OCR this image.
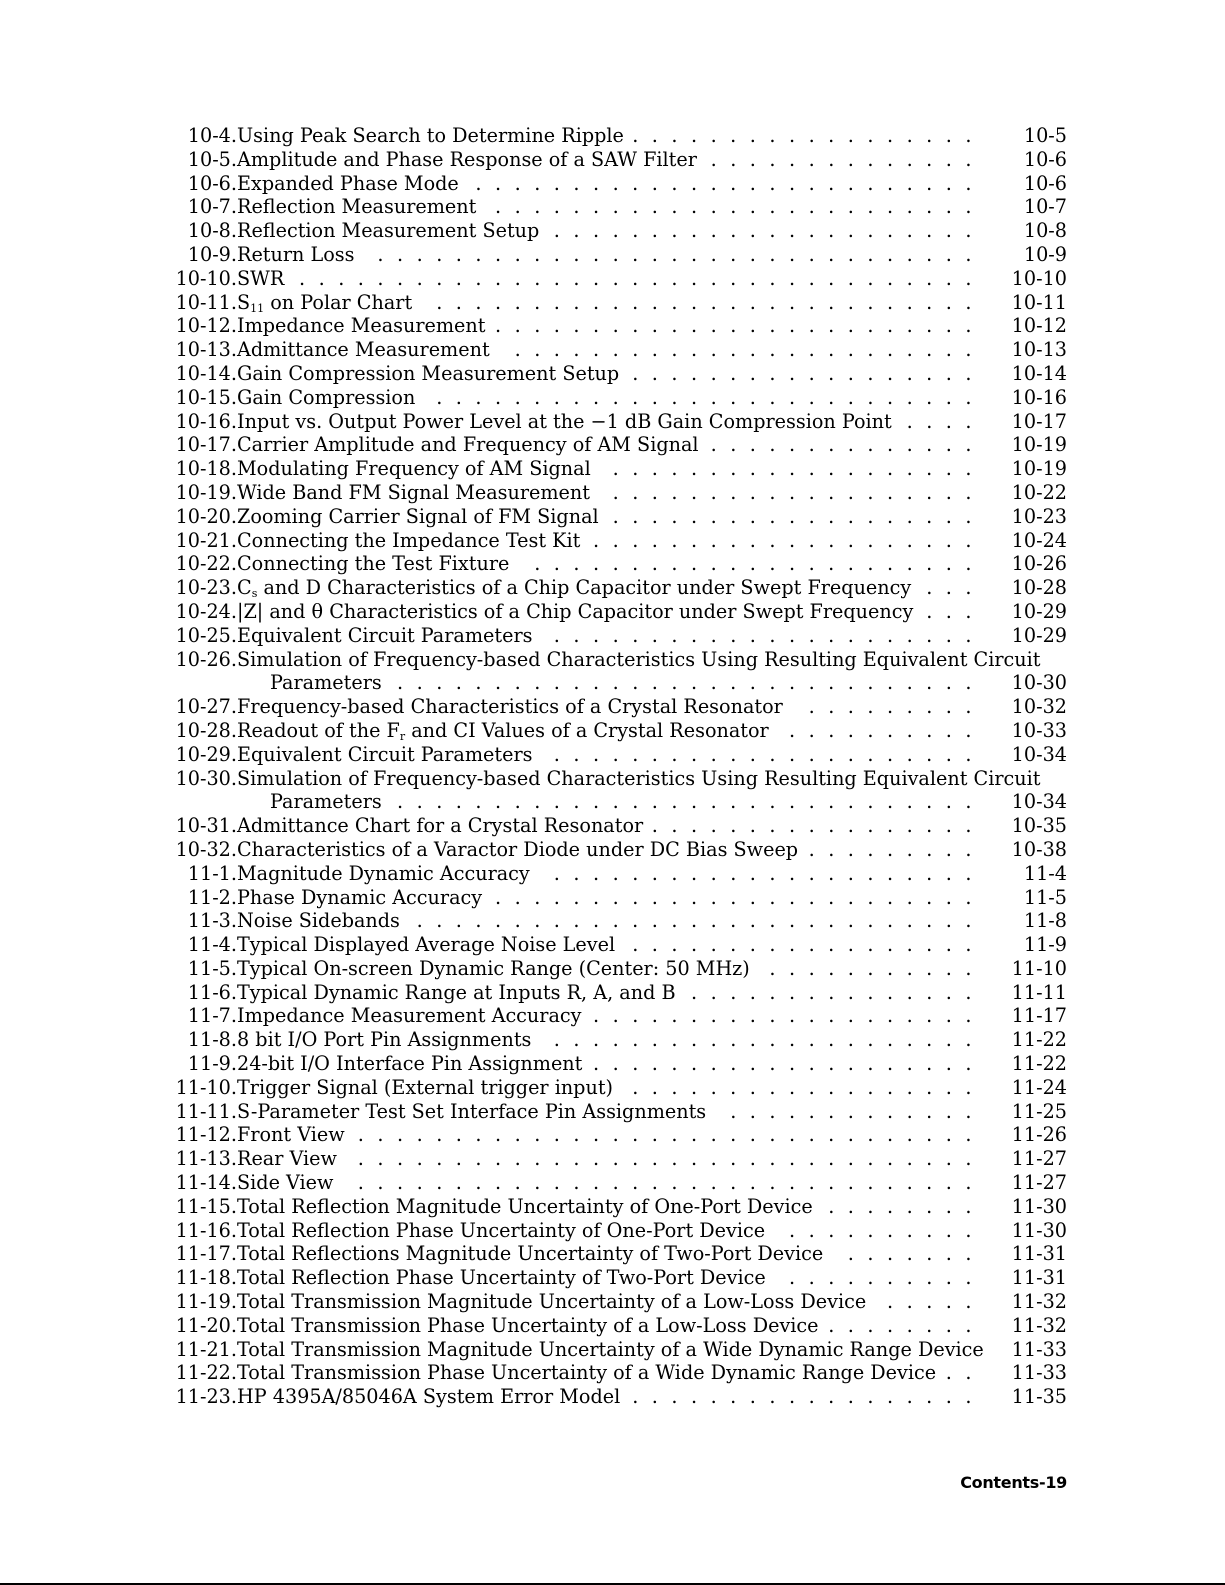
10-4. Using Peak Search to Determine Ripple	10-5
..................
10-5. Amplitude and Phase Response of a SAW Filter	10-6
..............
10-6. Expanded Phase Mode	10-6
..........................
10-7. Reflection Measurement	10-7
.........................
10-8. Reflection Measurement Setup	10-8
......................
10-9. Return Loss	10-9
...............................
10-10. SWR	10-10
...................................
10-11. $S_{11}$ on Polar Chart	10-11
............................
10-12. Impedance Measurement	10-12
.........................
10-13. Admittance Measurement	10-13
........................
10-14. Gain Compression Measurement Setup	10-14
..................
10-15. Gain Compression	10-16
............................
10-16. Input vs. Output Power Level at the −1 dB Gain Compression Point	10-17
....
10-17. Carrier Amplitude and Frequency of AM Signal	10-19
..............
10-18. Modulating Frequency of AM Signal	10-19
...................
10-19. Wide Band FM Signal Measurement	10-22
...................
10-20. Zooming Carrier Signal of FM Signal	10-23
...................
10-21. Connecting the Impedance Test Kit	10-24
....................
10-22. Connecting the Test Fixture	10-26
.......................
10-23. $C_s$ and D Characteristics of a Chip Capacitor under Swept Frequency	10-28
...
10-24. |Z| and θ Characteristics of a Chip Capacitor under Swept Frequency	10-29
...
10-25. Equivalent Circuit Parameters	10-29
......................
10-26. Simulation of Frequency-based Characteristics Using Resulting Equivalent Circuit
Parameters	10-30
..............................
10-27. Frequency-based Characteristics of a Crystal Resonator	10-32
.........
10-28. Readout of the $F_r$ and CI Values of a Crystal Resonator	10-33
..........
10-29. Equivalent Circuit Parameters	10-34
......................
10-30. Simulation of Frequency-based Characteristics Using Resulting Equivalent Circuit
Parameters	10-34
..............................
10-31. Admittance Chart for a Crystal Resonator	10-35
.................
10-32. Characteristics of a Varactor Diode under DC Bias Sweep	10-38
.........
11-1. Magnitude Dynamic Accuracy	11-4
......................
11-2. Phase Dynamic Accuracy	11-5
.........................
11-3. Noise Sidebands	11-8
.............................
11-4. Typical Displayed Average Noise Level	11-9
..................
11-5. Typical On-screen Dynamic Range (Center: 50 MHz)	11-10
...........
11-6. Typical Dynamic Range at Inputs R, A, and B	11-11
...............
11-7. Impedance Measurement Accuracy	11-17
....................
11-8. 8 bit I/O Port Pin Assignments	11-22
......................
11-9. 24-bit I/O Interface Pin Assignment	11-22
....................
11-10. Trigger Signal (External trigger input)	11-24
..................
11-11. S-Parameter Test Set Interface Pin Assignments	11-25
.............
11-12. Front View	11-26
................................
11-13. Rear View	11-27
................................
11-14. Side View	11-27
................................
11-15. Total Reflection Magnitude Uncertainty of One-Port Device	11-30
........
11-16. Total Reflection Phase Uncertainty of One-Port Device	11-30
..........
11-17. Total Reflections Magnitude Uncertainty of Two-Port Device	11-31
.......
11-18. Total Reflection Phase Uncertainty of Two-Port Device	11-31
..........
11-19. Total Transmission Magnitude Uncertainty of a Low-Loss Device	11-32
.....
11-20. Total Transmission Phase Uncertainty of a Low-Loss Device	11-32
........
11-21. Total Transmission Magnitude Uncertainty of a Wide Dynamic Range Device 11-33
11-22. Total Transmission Phase Uncertainty of a Wide Dynamic Range Device	11-33
..
11-23. HP 4395A/85046A System Error Model	11-35
..................
Contents-19
